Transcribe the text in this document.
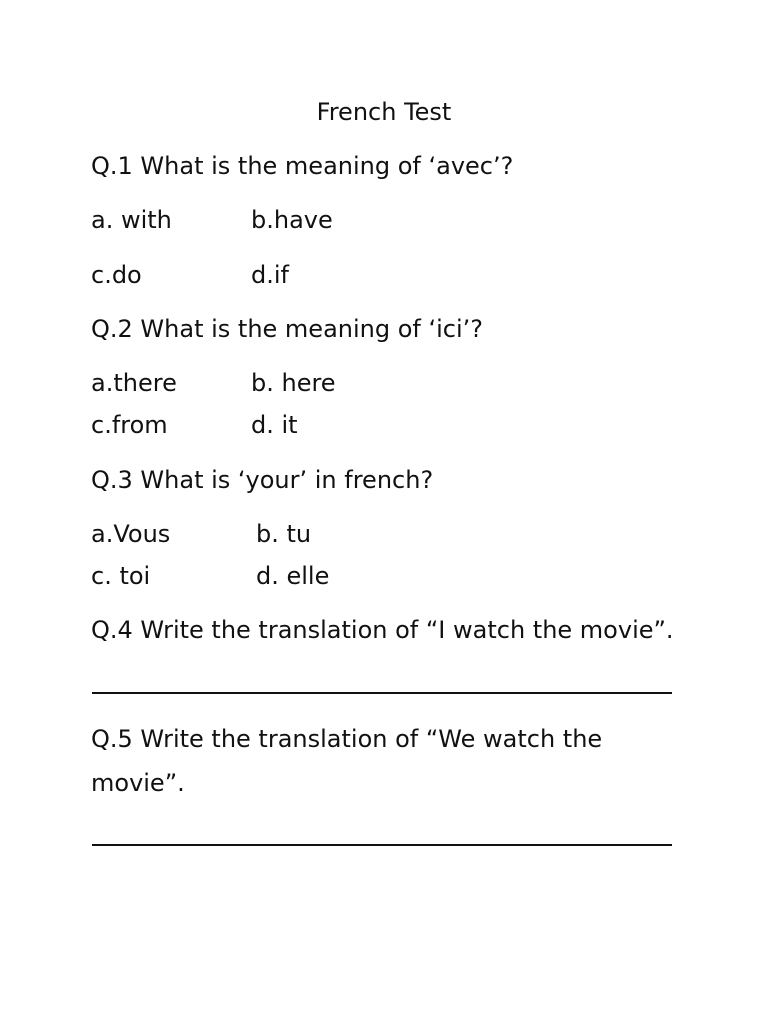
French Test
Q.1 What is the meaning of ‘avec’?
a. with	b.have
c.do	d.if
Q.2 What is the meaning of ‘ici’?
a.there	b. here
c.from	d. it
Q.3 What is ‘your’ in french?
a.Vous	b. tu
c. toi	d. elle
Q.4 Write the translation of “I watch the movie”.
Q.5 Write the translation of “We watch the
movie”.
